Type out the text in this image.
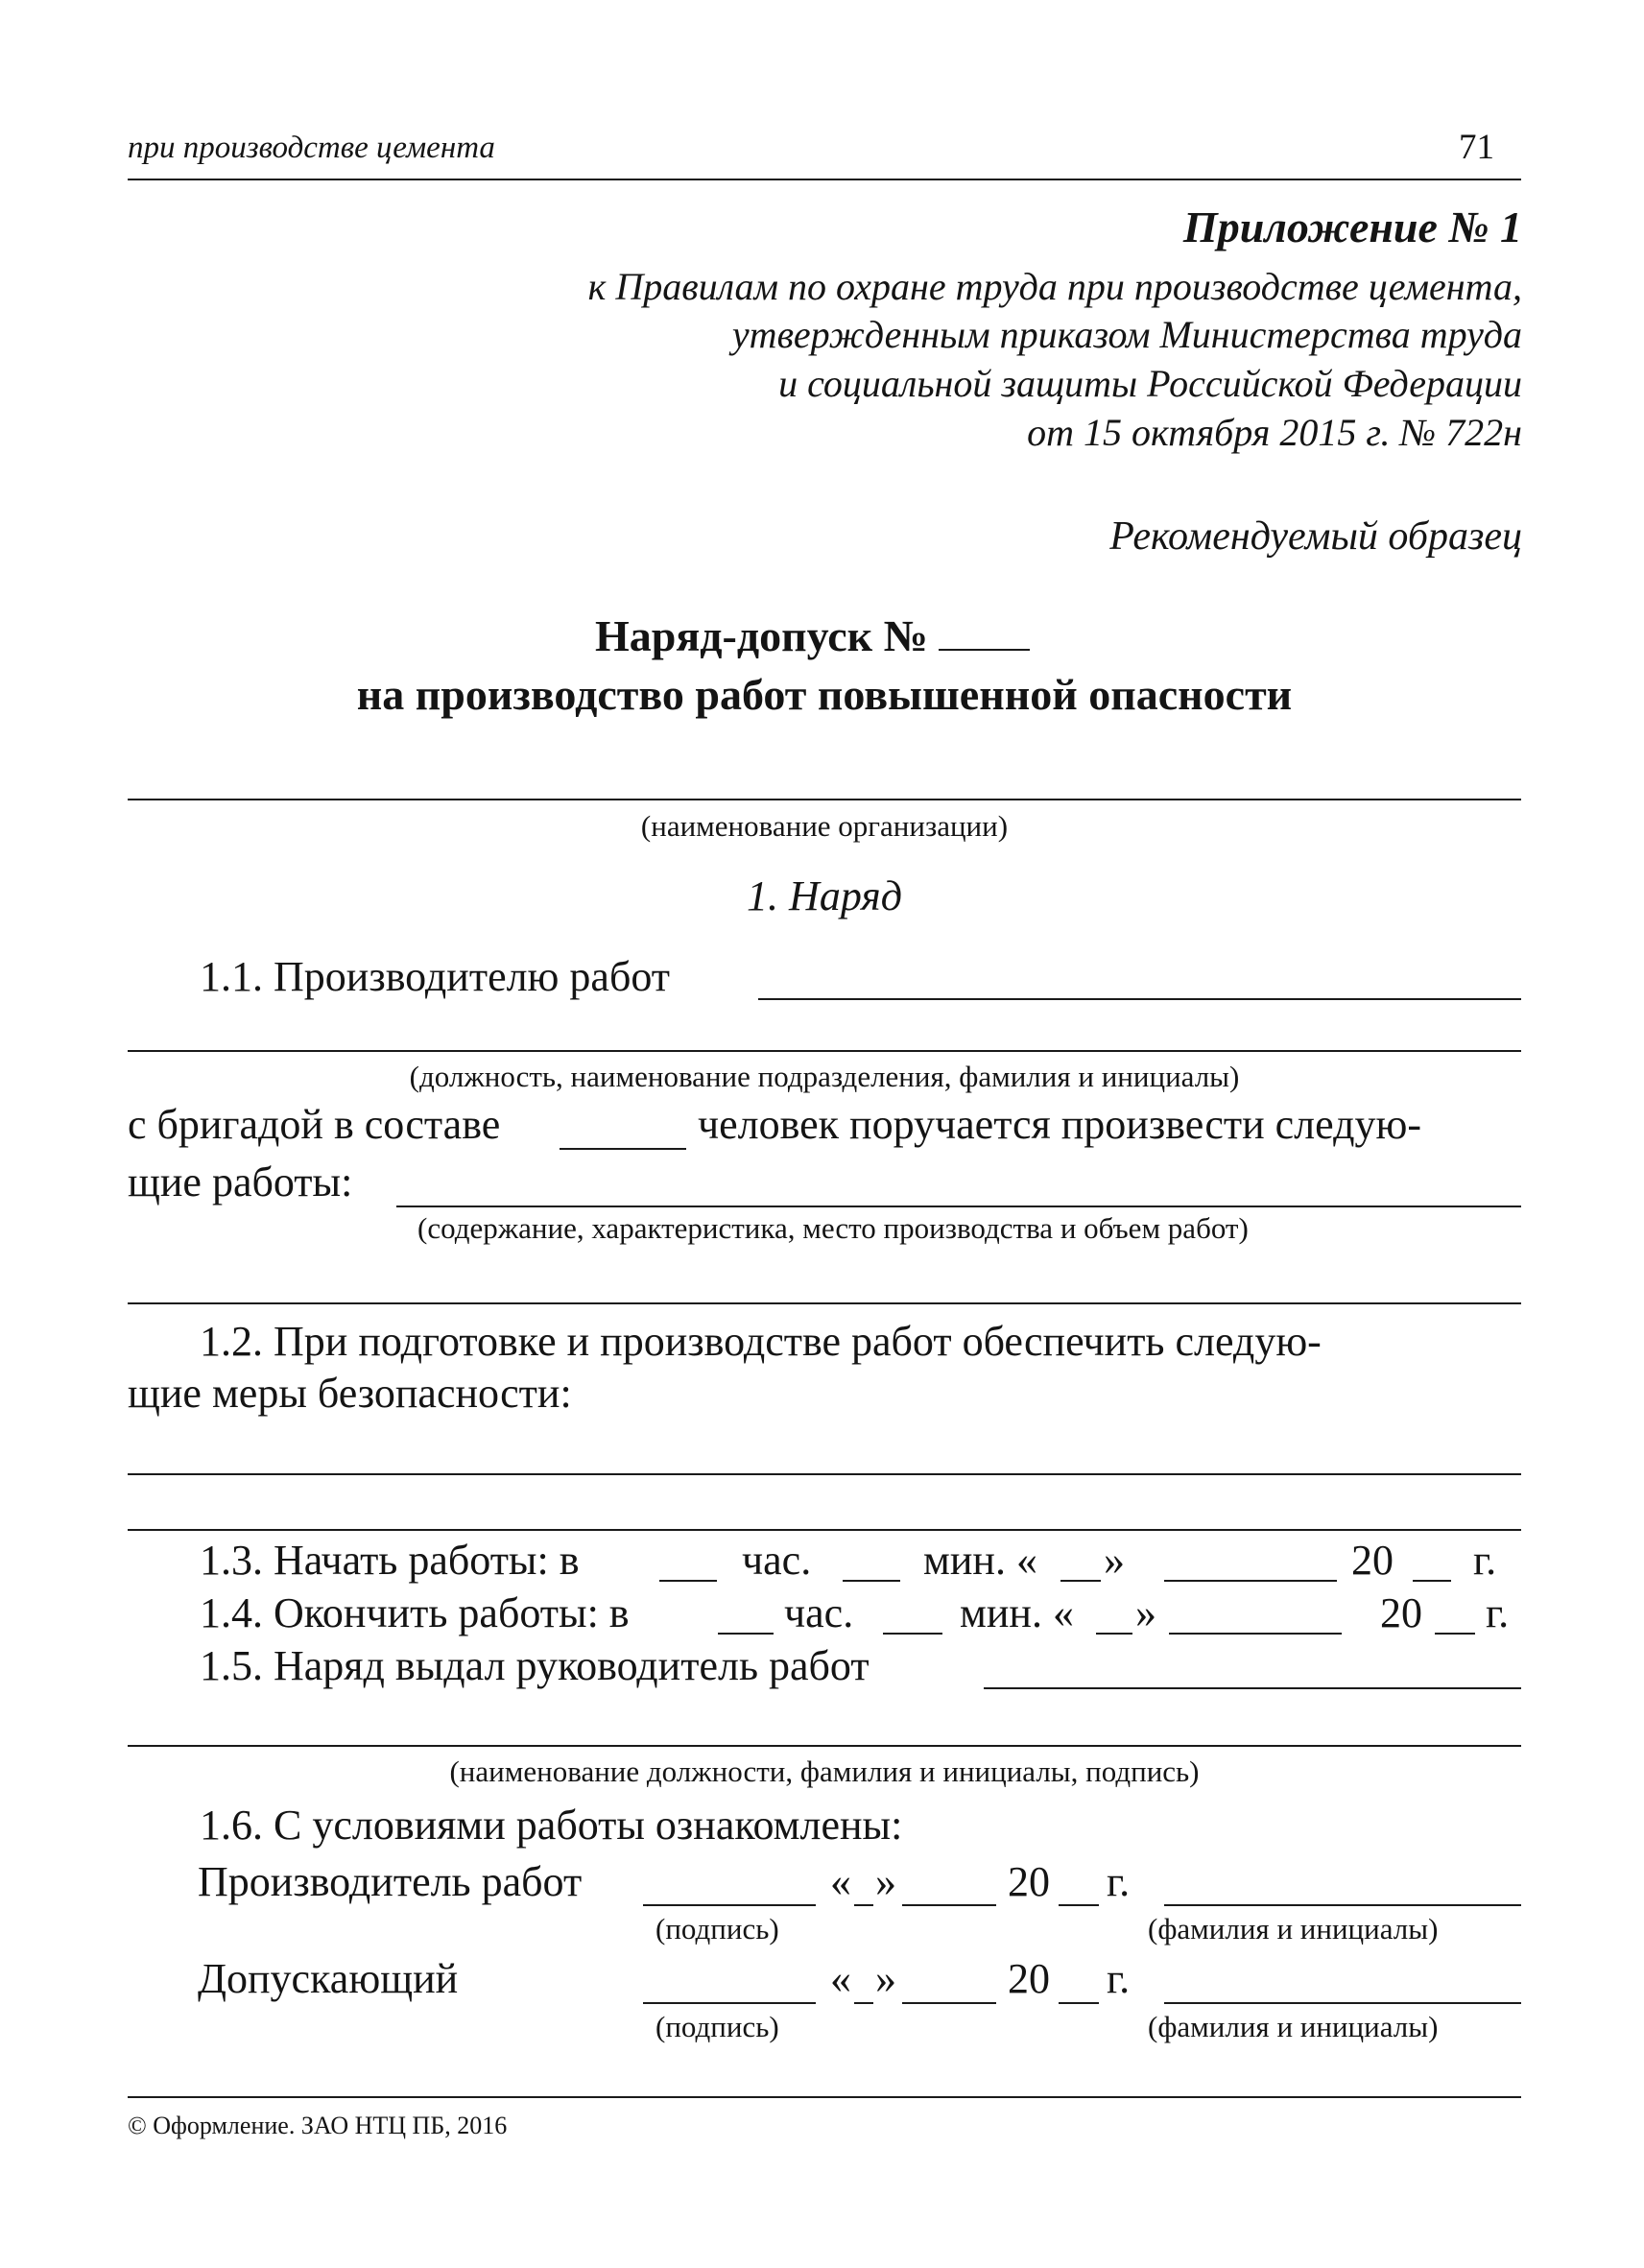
при производстве цемента	71
Приложение № 1
к Правилам по охране труда при производстве цемента,
утвержденным приказом Министерства труда
и социальной защиты Российской Федерации
от 15 октября 2015 г. № 722н
Рекомендуемый образец
Наряд-допуск №
на производство работ повышенной опасности
(наименование организации)
1. Наряд
1.1. Производителю работ
(должность, наименование подразделения, фамилия и инициалы)
с бригадой в составе	человек поручается произвести следую-
щие работы:
(содержание, характеристика, место производства и объем работ)
1.2. При подготовке и производстве работ обеспечить следую-
щие меры безопасности:
1.3. Начать работы: в	час.	мин. « »	20 г.
1.4. Окончить работы: в	час.	мин. « »	20 г.
1.5. Наряд выдал руководитель работ
(наименование должности, фамилия и инициалы, подпись)
1.6. С условиями работы ознакомлены:
Производитель работ	« »	20 г.
(подпись)	(фамилия и инициалы)
Допускающий	« »	20 г.
(подпись)	(фамилия и инициалы)
© Оформление. ЗАО НТЦ ПБ, 2016
